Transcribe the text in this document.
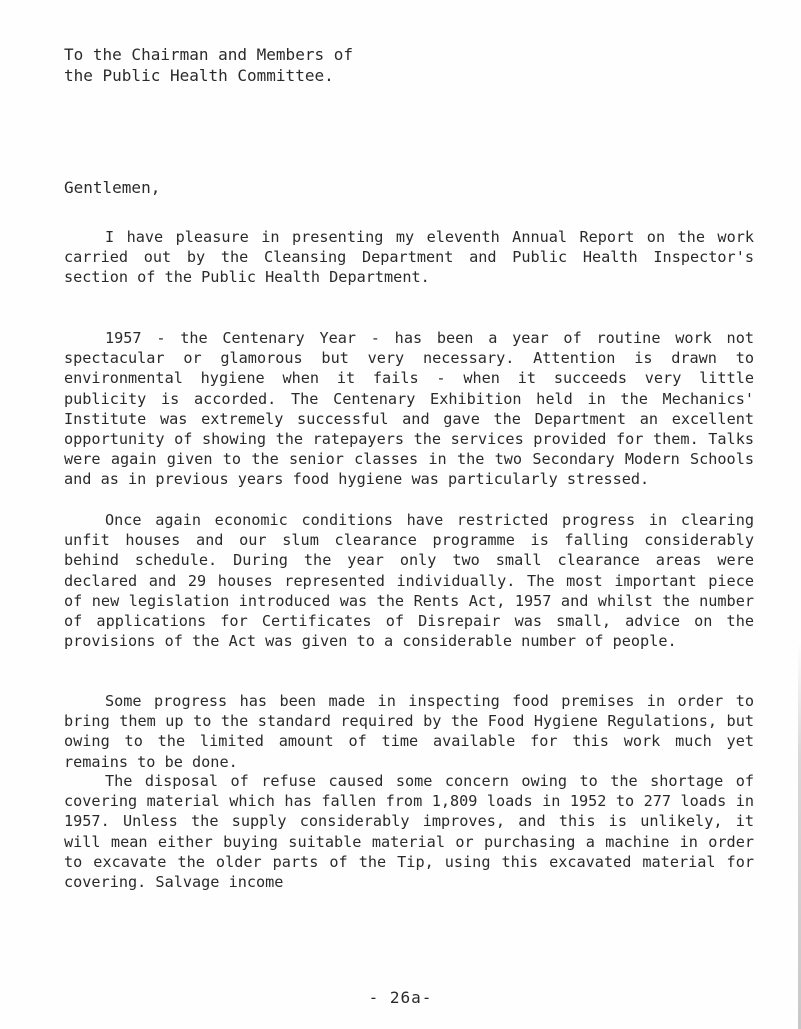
To the Chairman and Members of
the Public Health Committee.
Gentlemen,

I have pleasure in presenting my eleventh Annual Report on the work carried out by the Cleansing Department and Public Health Inspector's section of the Public Health Department.

1957 - the Centenary Year - has been a year of routine work not spectacular or glamorous but very necessary. Attention is drawn to environmental hygiene when it fails - when it succeeds very little publicity is accorded. The Centenary Exhibition held in the Mechanics' Institute was extremely successful and gave the Department an excellent opportunity of showing the ratepayers the services provided for them. Talks were again given to the senior classes in the two Secondary Modern Schools and as in previous years food hygiene was particularly stressed.

Once again economic conditions have restricted progress in clearing unfit houses and our slum clearance programme is falling considerably behind schedule. During the year only two small clearance areas were declared and 29 houses represented individually. The most important piece of new legislation introduced was the Rents Act, 1957 and whilst the number of applications for Certificates of Disrepair was small, advice on the provisions of the Act was given to a considerable number of people.

Some progress has been made in inspecting food premises in order to bring them up to the standard required by the Food Hygiene Regulations, but owing to the limited amount of time available for this work much yet remains to be done.

The disposal of refuse caused some concern owing to the shortage of covering material which has fallen from 1,809 loads in 1952 to 277 loads in 1957. Unless the supply considerably improves, and this is unlikely, it will mean either buying suitable material or purchasing a machine in order to excavate the older parts of the Tip, using this excavated material for covering. Salvage income

- 26a-
